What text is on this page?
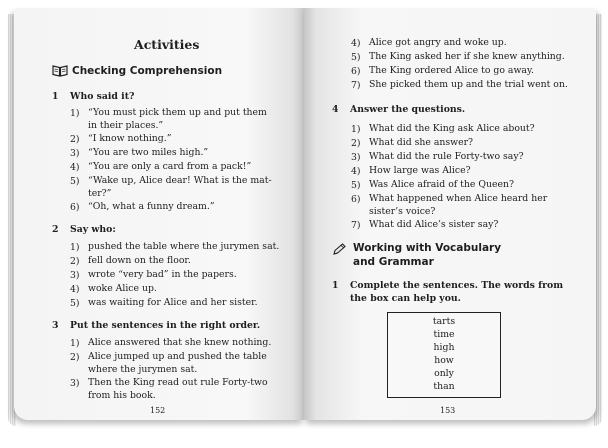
Activities
Checking Comprehension
1 Who said it?
1) “You must pick them up and put them
in their places.”
2) “I know nothing.”
3) “You are two miles high.”
4) “You are only a card from a pack!”
5) “Wake up, Alice dear! What is the mat-
ter?”
6) “Oh, what a funny dream.”
2 Say who:
1) pushed the table where the jurymen sat.
2) fell down on the floor.
3) wrote “very bad” in the papers.
4) woke Alice up.
5) was waiting for Alice and her sister.
3 Put the sentences in the right order.
1) Alice answered that she knew nothing.
2) Alice jumped up and pushed the table
where the jurymen sat.
3) Then the King read out rule Forty-two
from his book.
152
4) Alice got angry and woke up.
5) The King asked her if she knew anything.
6) The King ordered Alice to go away.
7) She picked them up and the trial went on.
4 Answer the questions.
1) What did the King ask Alice about?
2) What did she answer?
3) What did the rule Forty-two say?
4) How large was Alice?
5) Was Alice afraid of the Queen?
6) What happened when Alice heard her
sister’s voice?
7) What did Alice’s sister say?
Working with Vocabulary
and Grammar
1 Complete the sentences. The words from
the box can help you.
tarts
time
high
how
only
than
153
